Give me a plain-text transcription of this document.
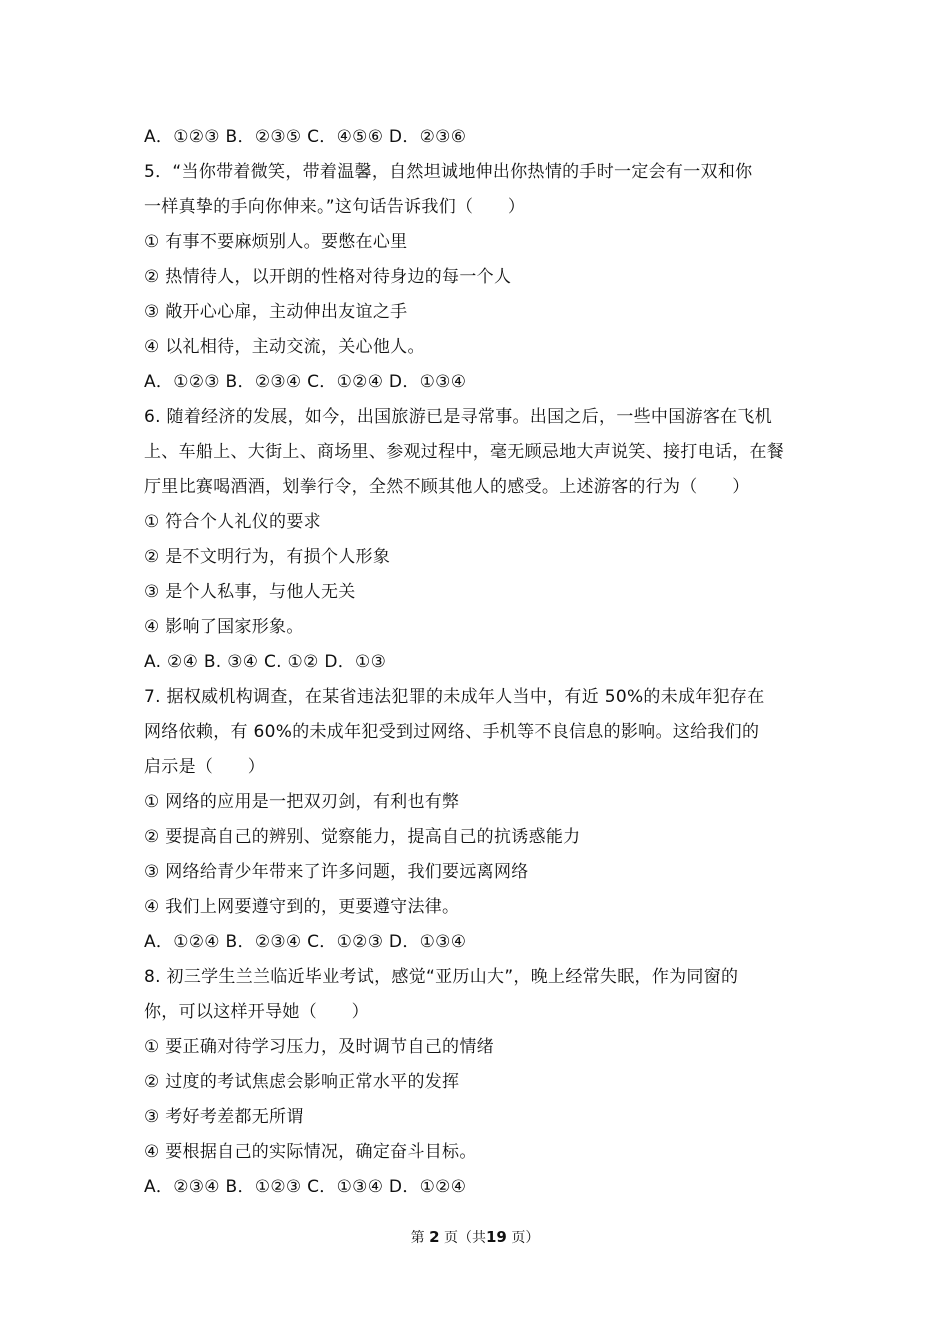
A．①②③ B．②③⑤ C．④⑤⑥ D．②③⑥
5．“当你带着微笑，带着温馨，自然坦诚地伸出你热情的手时一定会有一双和你
一样真挚的手向你伸来。”这句话告诉我们（　　）
① 有事不要麻烦别人。要憋在心里
② 热情待人，以开朗的性格对待身边的每一个人
③ 敞开心心扉，主动伸出友谊之手
④ 以礼相待，主动交流，关心他人。
A．①②③ B．②③④ C．①②④ D．①③④
6. 随着经济的发展，如今，出国旅游已是寻常事。出国之后，一些中国游客在飞机
上、车船上、大街上、商场里、参观过程中，毫无顾忌地大声说笑、接打电话，在餐
厅里比赛喝酒酒，划拳行令，全然不顾其他人的感受。上述游客的行为（　　）
① 符合个人礼仪的要求
② 是不文明行为，有损个人形象
③ 是个人私事，与他人无关
④ 影响了国家形象。
A. ②④ B. ③④ C. ①② D．①③
7. 据权威机构调查，在某省违法犯罪的未成年人当中，有近 50%的未成年犯存在
网络依赖，有 60%的未成年犯受到过网络、手机等不良信息的影响。这给我们的
启示是（　　）
① 网络的应用是一把双刃剑，有利也有弊
② 要提高自己的辨别、觉察能力，提高自己的抗诱惑能力
③ 网络给青少年带来了许多问题，我们要远离网络
④ 我们上网要遵守到的，更要遵守法律。
A．①②④ B．②③④ C．①②③ D．①③④
8. 初三学生兰兰临近毕业考试，感觉“亚历山大”，晚上经常失眠，作为同窗的
你，可以这样开导她（　　）
① 要正确对待学习压力，及时调节自己的情绪
② 过度的考试焦虑会影响正常水平的发挥
③ 考好考差都无所谓
④ 要根据自己的实际情况，确定奋斗目标。
A．②③④ B．①②③ C．①③④ D．①②④
第 2 页（共19 页）
